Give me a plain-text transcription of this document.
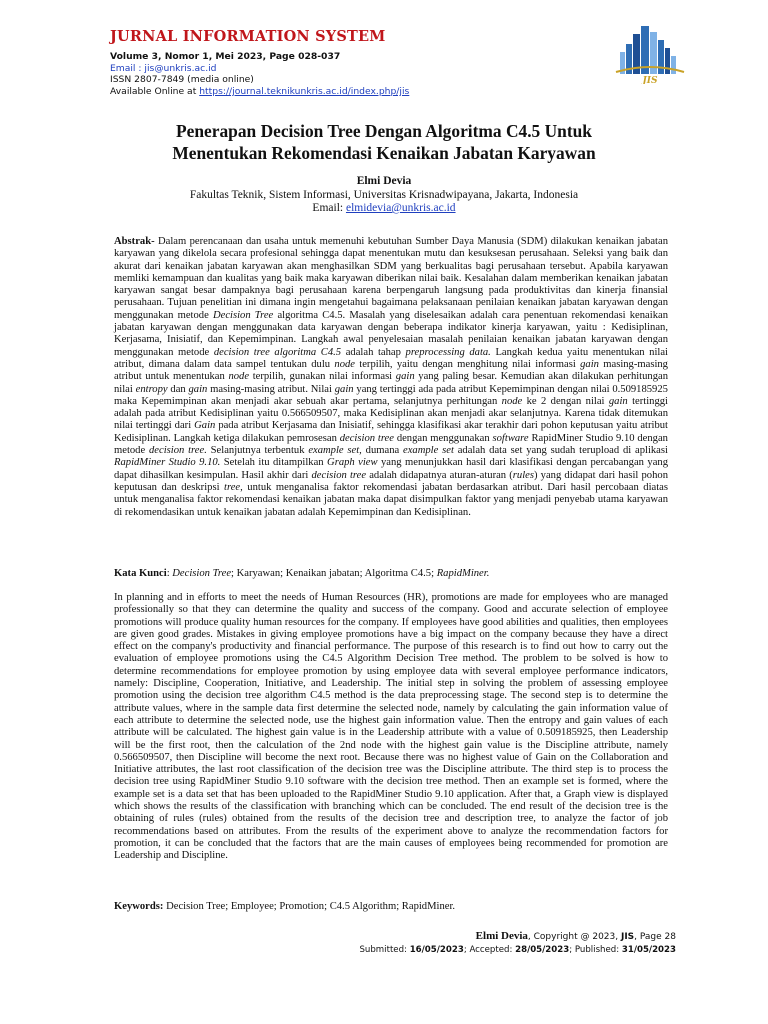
JURNAL INFORMATION SYSTEM
Volume 3, Nomor 1, Mei 2023, Page 028-037
Email : jis@unkris.ac.id
ISSN 2807-7849 (media online)
Available Online at https://journal.teknikunkris.ac.id/index.php/jis
JIS
Penerapan Decision Tree Dengan Algoritma C4.5 Untuk
Menentukan Rekomendasi Kenaikan Jabatan Karyawan
Elmi Devia
Fakultas Teknik, Sistem Informasi, Universitas Krisnadwipayana, Jakarta, Indonesia
Email: elmidevia@unkris.ac.id
Abstrak- Dalam perencanaan dan usaha untuk memenuhi kebutuhan Sumber Daya Manusia (SDM) dilakukan kenaikan jabatan karyawan yang dikelola secara profesional sehingga dapat menentukan mutu dan kesuksesan perusahaan. Seleksi yang baik dan akurat dari kenaikan jabatan karyawan akan menghasilkan SDM yang berkualitas bagi perusahaan tersebut. Apabila karyawan memliki kemampuan dan kualitas yang baik maka karyawan diberikan nilai baik. Kesalahan dalam memberikan kenaikan jabatan karyawan sangat besar dampaknya bagi perusahaan karena berpengaruh langsung pada produktivitas dan kinerja finansial perusahaan. Tujuan penelitian ini dimana ingin mengetahui bagaimana pelaksanaan penilaian kenaikan jabatan karyawan dengan menggunakan metode Decision Tree algoritma C4.5. Masalah yang diselesaikan adalah cara penentuan rekomendasi kenaikan jabatan karyawan dengan menggunakan data karyawan dengan beberapa indikator kinerja karyawan, yaitu : Kedisiplinan, Kerjasama, Inisiatif, dan Kepemimpinan. Langkah awal penyelesaian masalah penilaian kenaikan jabatan karyawan dengan menggunakan metode decision tree algoritma C4.5 adalah tahap preprocessing data. Langkah kedua yaitu menentukan nilai atribut, dimana dalam data sampel tentukan dulu node terpilih, yaitu dengan menghitung nilai informasi gain masing-masing atribut untuk menentukan node terpilih, gunakan nilai informasi gain yang paling besar. Kemudian akan dilakukan perhitungan nilai entropy dan gain masing-masing atribut. Nilai gain yang tertinggi ada pada atribut Kepemimpinan dengan nilai 0.509185925 maka Kepemimpinan akan menjadi akar sebuah akar pertama, selanjutnya perhitungan node ke 2 dengan nilai gain tertinggi adalah pada atribut Kedisiplinan yaitu 0.566509507, maka Kedisiplinan akan menjadi akar selanjutnya. Karena tidak ditemukan nilai tertinggi dari Gain pada atribut Kerjasama dan Inisiatif, sehingga klasifikasi akar terakhir dari pohon keputusan yaitu atribut Kedisiplinan. Langkah ketiga dilakukan pemrosesan decision tree dengan menggunakan software RapidMiner Studio 9.10 dengan metode decision tree. Selanjutnya terbentuk example set, dumana example set adalah data set yang sudah terupload di aplikasi RapidMiner Studio 9.10. Setelah itu ditampilkan Graph view yang menunjukkan hasil dari klasifikasi dengan percabangan yang dapat dihasilkan kesimpulan. Hasil akhir dari decision tree adalah didapatnya aturan-aturan (rules) yang didapat dari hasil pohon keputusan dan deskripsi tree, untuk menganalisa faktor rekomendasi jabatan berdasarkan atribut. Dari hasil percobaan diatas untuk menganalisa faktor rekomendasi kenaikan jabatan maka dapat disimpulkan faktor yang menjadi penyebab utama karyawan di rekomendasikan untuk kenaikan jabatan adalah Kepemimpinan dan Kedisiplinan.
Kata Kunci: Decision Tree; Karyawan; Kenaikan jabatan; Algoritma C4.5; RapidMiner.
In planning and in efforts to meet the needs of Human Resources (HR), promotions are made for employees who are managed professionally so that they can determine the quality and success of the company. Good and accurate selection of employee promotions will produce quality human resources for the company. If employees have good abilities and qualities, then employees are given good grades. Mistakes in giving employee promotions have a big impact on the company because they have a direct effect on the company's productivity and financial performance. The purpose of this research is to find out how to carry out the evaluation of employee promotions using the C4.5 Algorithm Decision Tree method. The problem to be solved is how to determine recommendations for employee promotion by using employee data with several employee performance indicators, namely: Discipline, Cooperation, Initiative, and Leadership. The initial step in solving the problem of assessing employee promotion using the decision tree algorithm C4.5 method is the data preprocessing stage. The second step is to determine the attribute values, where in the sample data first determine the selected node, namely by calculating the gain information value of each attribute to determine the selected node, use the highest gain information value. Then the entropy and gain values of each attribute will be calculated. The highest gain value is in the Leadership attribute with a value of 0.509185925, then Leadership will be the first root, then the calculation of the 2nd node with the highest gain value is the Discipline attribute, namely 0.566509507, then Discipline will become the next root. Because there was no highest value of Gain on the Collaboration and Initiative attributes, the last root classification of the decision tree was the Discipline attribute. The third step is to process the decision tree using RapidMiner Studio 9.10 software with the decision tree method. Then an example set is formed, where the example set is a data set that has been uploaded to the RapidMiner Studio 9.10 application. After that, a Graph view is displayed which shows the results of the classification with branching which can be concluded. The end result of the decision tree is the obtaining of rules (rules) obtained from the results of the decision tree and description tree, to analyze the factor of job recommendations based on attributes. From the results of the experiment above to analyze the recommendation factors for promotion, it can be concluded that the factors that are the main causes of employees being recommended for promotion are Leadership and Discipline.
Keywords: Decision Tree; Employee; Promotion; C4.5 Algorithm; RapidMiner.
Elmi Devia, Copyright @ 2023, JIS, Page 28
Submitted: 16/05/2023; Accepted: 28/05/2023; Published: 31/05/2023
